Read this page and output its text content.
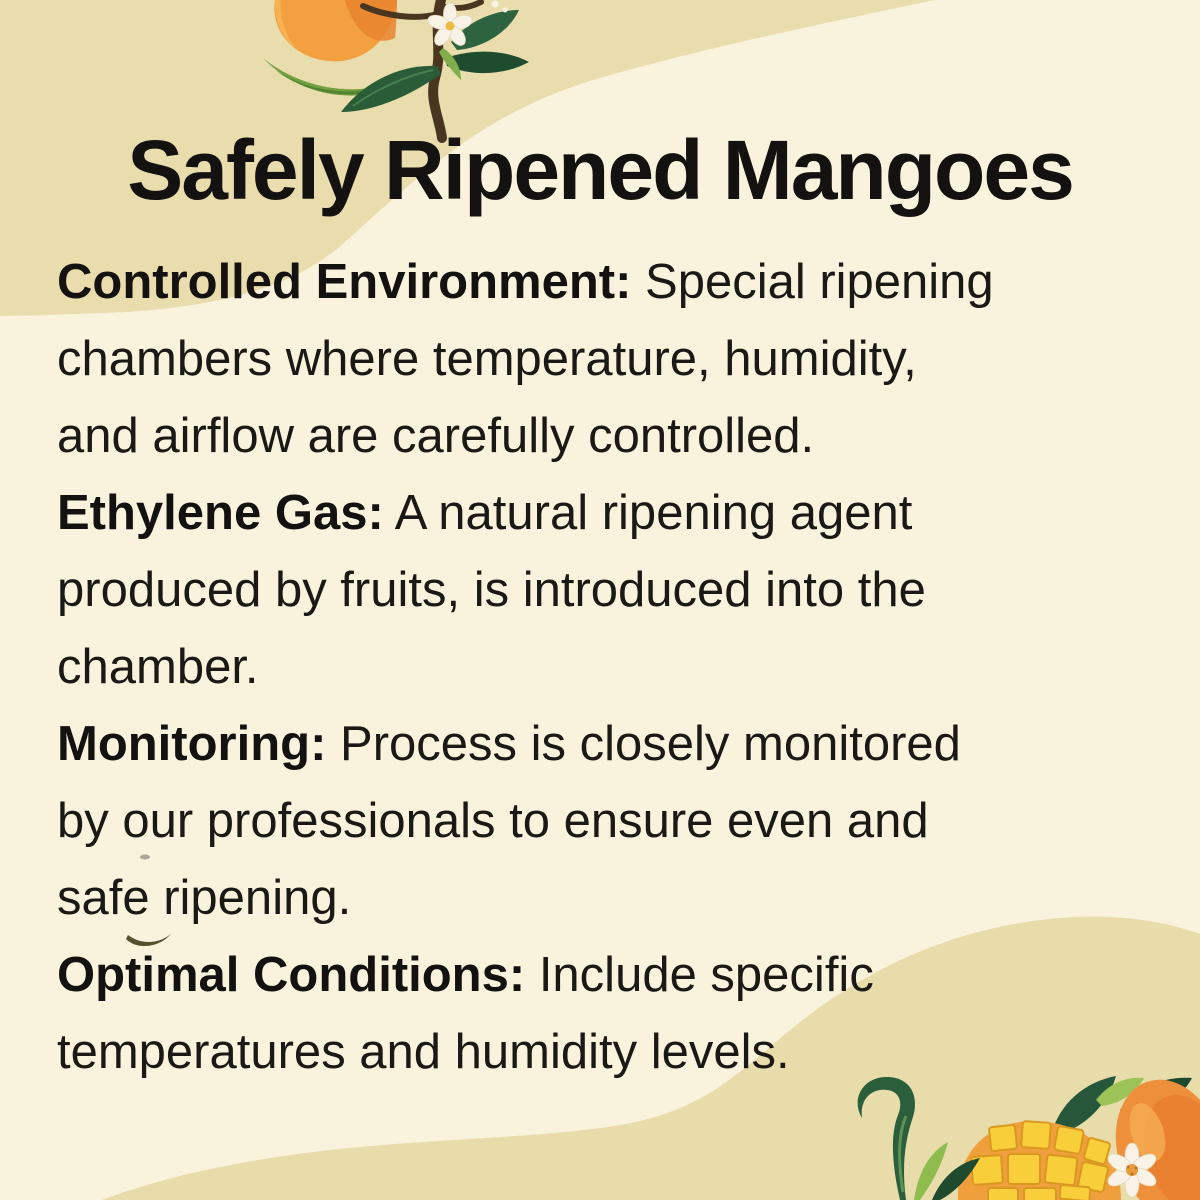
Safely Ripened Mangoes

Controlled Environment: Special ripening
chambers where temperature, humidity,
and airflow are carefully controlled.

Ethylene Gas: A natural ripening agent
produced by fruits, is introduced into the
chamber.

Monitoring: Process is closely monitored
by our professionals to ensure even and
safe ripening.

Optimal Conditions: Include specific
temperatures and humidity levels.
